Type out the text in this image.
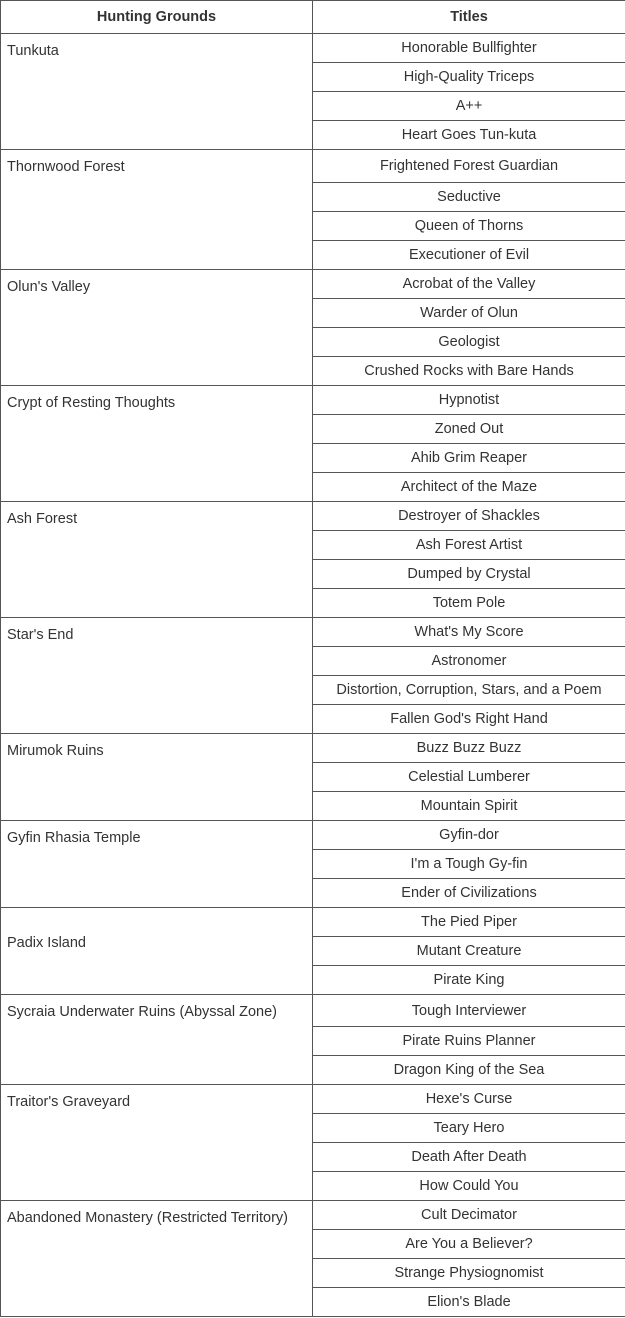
Hunting Grounds	Titles
Tunkuta	Honorable Bullfighter
	High-Quality Triceps
	A++
	Heart Goes Tun-kuta
Thornwood Forest	Frightened Forest Guardian
	Seductive
	Queen of Thorns
	Executioner of Evil
Olun's Valley	Acrobat of the Valley
	Warder of Olun
	Geologist
	Crushed Rocks with Bare Hands
Crypt of Resting Thoughts	Hypnotist
	Zoned Out
	Ahib Grim Reaper
	Architect of the Maze
Ash Forest	Destroyer of Shackles
	Ash Forest Artist
	Dumped by Crystal
	Totem Pole
Star's End	What's My Score
	Astronomer
	Distortion, Corruption, Stars, and a Poem
	Fallen God's Right Hand
Mirumok Ruins	Buzz Buzz Buzz
	Celestial Lumberer
	Mountain Spirit
Gyfin Rhasia Temple	Gyfin-dor
	I'm a Tough Gy-fin
	Ender of Civilizations
Padix Island	The Pied Piper
	Mutant Creature
	Pirate King
Sycraia Underwater Ruins (Abyssal Zone)	Tough Interviewer
	Pirate Ruins Planner
	Dragon King of the Sea
Traitor's Graveyard	Hexe's Curse
	Teary Hero
	Death After Death
	How Could You
Abandoned Monastery (Restricted Territory)	Cult Decimator
	Are You a Believer?
	Strange Physiognomist
	Elion's Blade
